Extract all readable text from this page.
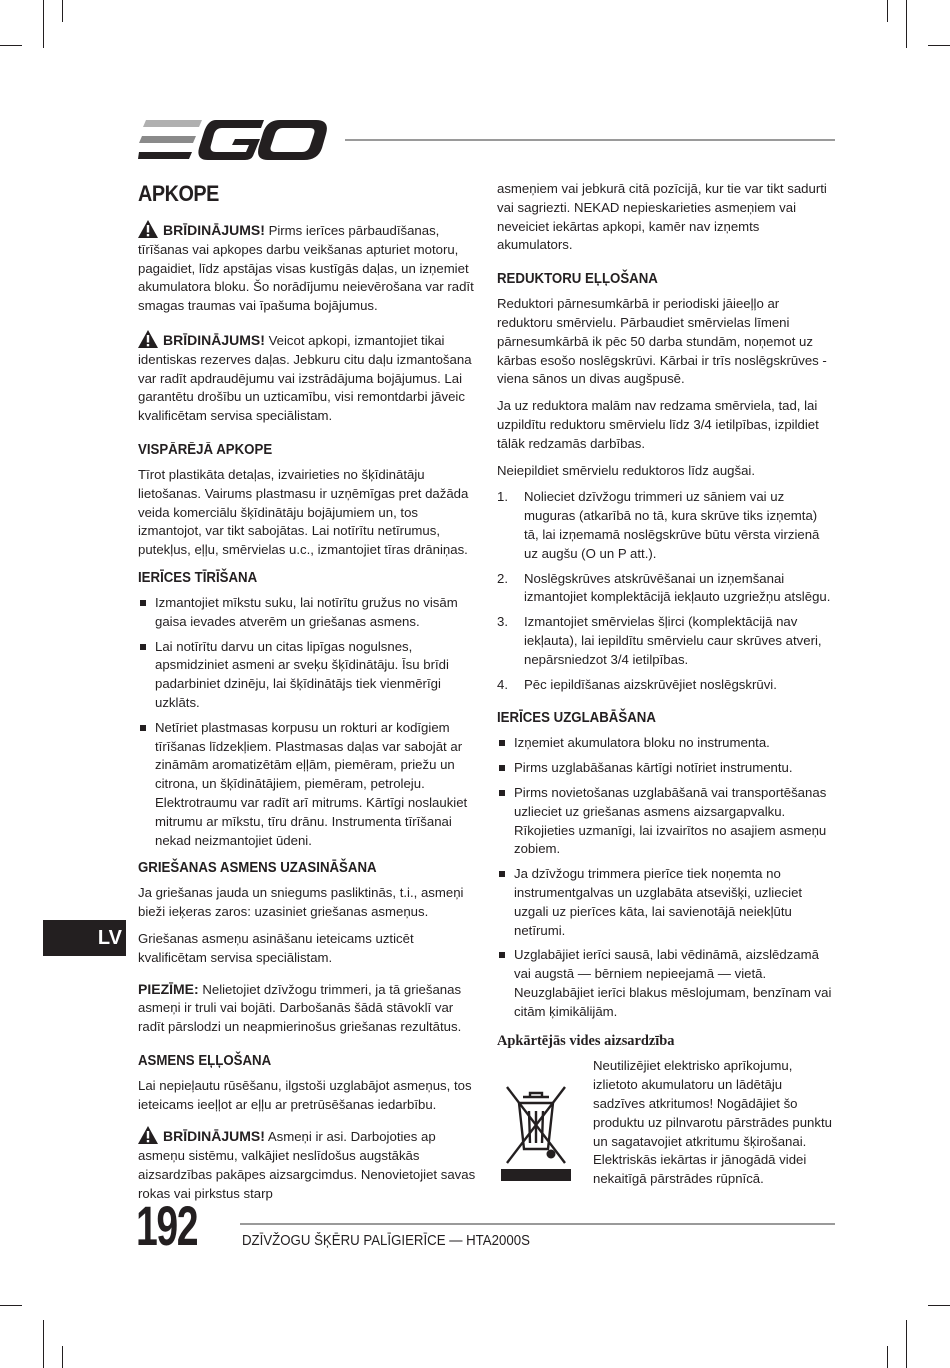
APKOPE

BRĪDINĀJUMS! Pirms ierīces pārbaudīšanas, tīrīšanas vai apkopes darbu veikšanas apturiet motoru, pagaidiet, līdz apstājas visas kustīgās daļas, un izņemiet akumulatora bloku. Šo norādījumu neievērošana var radīt smagas traumas vai īpašuma bojājumus.

BRĪDINĀJUMS! Veicot apkopi, izmantojiet tikai identiskas rezerves daļas. Jebkuru citu daļu izmantošana var radīt apdraudējumu vai izstrādājuma bojājumus. Lai garantētu drošību un uzticamību, visi remontdarbi jāveic kvalificētam servisa speciālistam.

VISPĀRĒJĀ APKOPE

Tīrot plastikāta detaļas, izvairieties no šķīdinātāju lietošanas. Vairums plastmasu ir uzņēmīgas pret dažāda veida komerciālu šķīdinātāju bojājumiem un, tos izmantojot, var tikt sabojātas. Lai notīrītu netīrumus, putekļus, eļļu, smērvielas u.c., izmantojiet tīras drāniņas.

IERĪCES TĪRĪŠANA
Izmantojiet mīkstu suku, lai notīrītu gružus no visām gaisa ievades atverēm un griešanas asmens.
Lai notīrītu darvu un citas lipīgas nogulsnes, apsmidziniet asmeni ar sveķu šķīdinātāju. Īsu brīdi padarbiniet dzinēju, lai šķīdinātājs tiek vienmērīgi uzklāts.
Netīriet plastmasas korpusu un rokturi ar kodīgiem tīrīšanas līdzekļiem. Plastmasas daļas var sabojāt ar zināmām aromatizētām eļļām, piemēram, priežu un citrona, un šķīdinātājiem, piemēram, petroleju. Elektrotraumu var radīt arī mitrums. Kārtīgi noslaukiet mitrumu ar mīkstu, tīru drānu. Instrumenta tīrīšanai nekad neizmantojiet ūdeni.
GRIEŠANAS ASMENS UZASINĀŠANA

Ja griešanas jauda un sniegums pasliktinās, t.i., asmeņi bieži ieķeras zaros: uzasiniet griešanas asmeņus.

Griešanas asmeņu asināšanu ieteicams uzticēt kvalificētam servisa speciālistam.

PIEZĪME: Nelietojiet dzīvžogu trimmeri, ja tā griešanas asmeņi ir truli vai bojāti. Darbošanās šādā stāvoklī var radīt pārslodzi un neapmierinošus griešanas rezultātus.

ASMENS EĻĻOŠANA

Lai nepieļautu rūsēšanu, ilgstoši uzglabājot asmeņus, tos ieteicams ieeļļot ar eļļu ar pretrūsēšanas iedarbību.

BRĪDINĀJUMS! Asmeņi ir asi. Darbojoties ap asmeņu sistēmu, valkājiet neslīdošus augstākās aizsardzības pakāpes aizsargcimdus. Nenovietojiet savas rokas vai pirkstus starp

asmeņiem vai jebkurā citā pozīcijā, kur tie var tikt sadurti vai sagriezti. NEKAD nepieskarieties asmeņiem vai neveiciet iekārtas apkopi, kamēr nav izņemts akumulators.

REDUKTORU EĻĻOŠANA

Reduktori pārnesumkārbā ir periodiski jāieeļļo ar reduktoru smērvielu. Pārbaudiet smērvielas līmeni pārnesumkārbā ik pēc 50 darba stundām, noņemot uz kārbas esošo noslēgskrūvi. Kārbai ir trīs noslēgskrūves - viena sānos un divas augšpusē.

Ja uz reduktora malām nav redzama smērviela, tad, lai uzpildītu reduktoru smērvielu līdz 3/4 ietilpības, izpildiet tālāk redzamās darbības.

Neiepildiet smērvielu reduktoros līdz augšai.

1. Nolieciet dzīvžogu trimmeri uz sāniem vai uz muguras (atkarībā no tā, kura skrūve tiks izņemta) tā, lai izņemamā noslēgskrūve būtu vērsta virzienā uz augšu (O un P att.).
2. Noslēgskrūves atskrūvēšanai un izņemšanai izmantojiet komplektācijā iekļauto uzgriežņu atslēgu.
3. Izmantojiet smērvielas šļirci (komplektācijā nav iekļauta), lai iepildītu smērvielu caur skrūves atveri, nepārsniedzot 3/4 ietilpības.
4. Pēc iepildīšanas aizskrūvējiet noslēgskrūvi.
IERĪCES UZGLABĀŠANA
Izņemiet akumulatora bloku no instrumenta.
Pirms uzglabāšanas kārtīgi notīriet instrumentu.
Pirms novietošanas uzglabāšanā vai transportēšanas uzlieciet uz griešanas asmens aizsargapvalku. Rīkojieties uzmanīgi, lai izvairītos no asajiem asmeņu zobiem.
Ja dzīvžogu trimmera pierīce tiek noņemta no instrumentgalvas un uzglabāta atsevišķi, uzlieciet uzgali uz pierīces kāta, lai savienotājā neiekļūtu netīrumi.
Uzglabājiet ierīci sausā, labi vēdināmā, aizslēdzamā vai augstā — bērniem nepieejamā — vietā. Neuzglabājiet ierīci blakus mēslojumam, benzīnam vai citām ķimikālijām.
Apkārtējās vides aizsardzība

Neutilizējiet elektrisko aprīkojumu, izlietoto akumulatoru un lādētāju sadzīves atkritumos! Nogādājiet šo produktu uz pilnvarotu pārstrādes punktu un sagatavojiet atkritumu šķirošanai. Elektriskās iekārtas ir jānogādā videi nekaitīgā pārstrādes rūpnīcā.

LV
192	DZĪVŽOGU ŠĶĒRU PALĪGIERĪCE — HTA2000S
